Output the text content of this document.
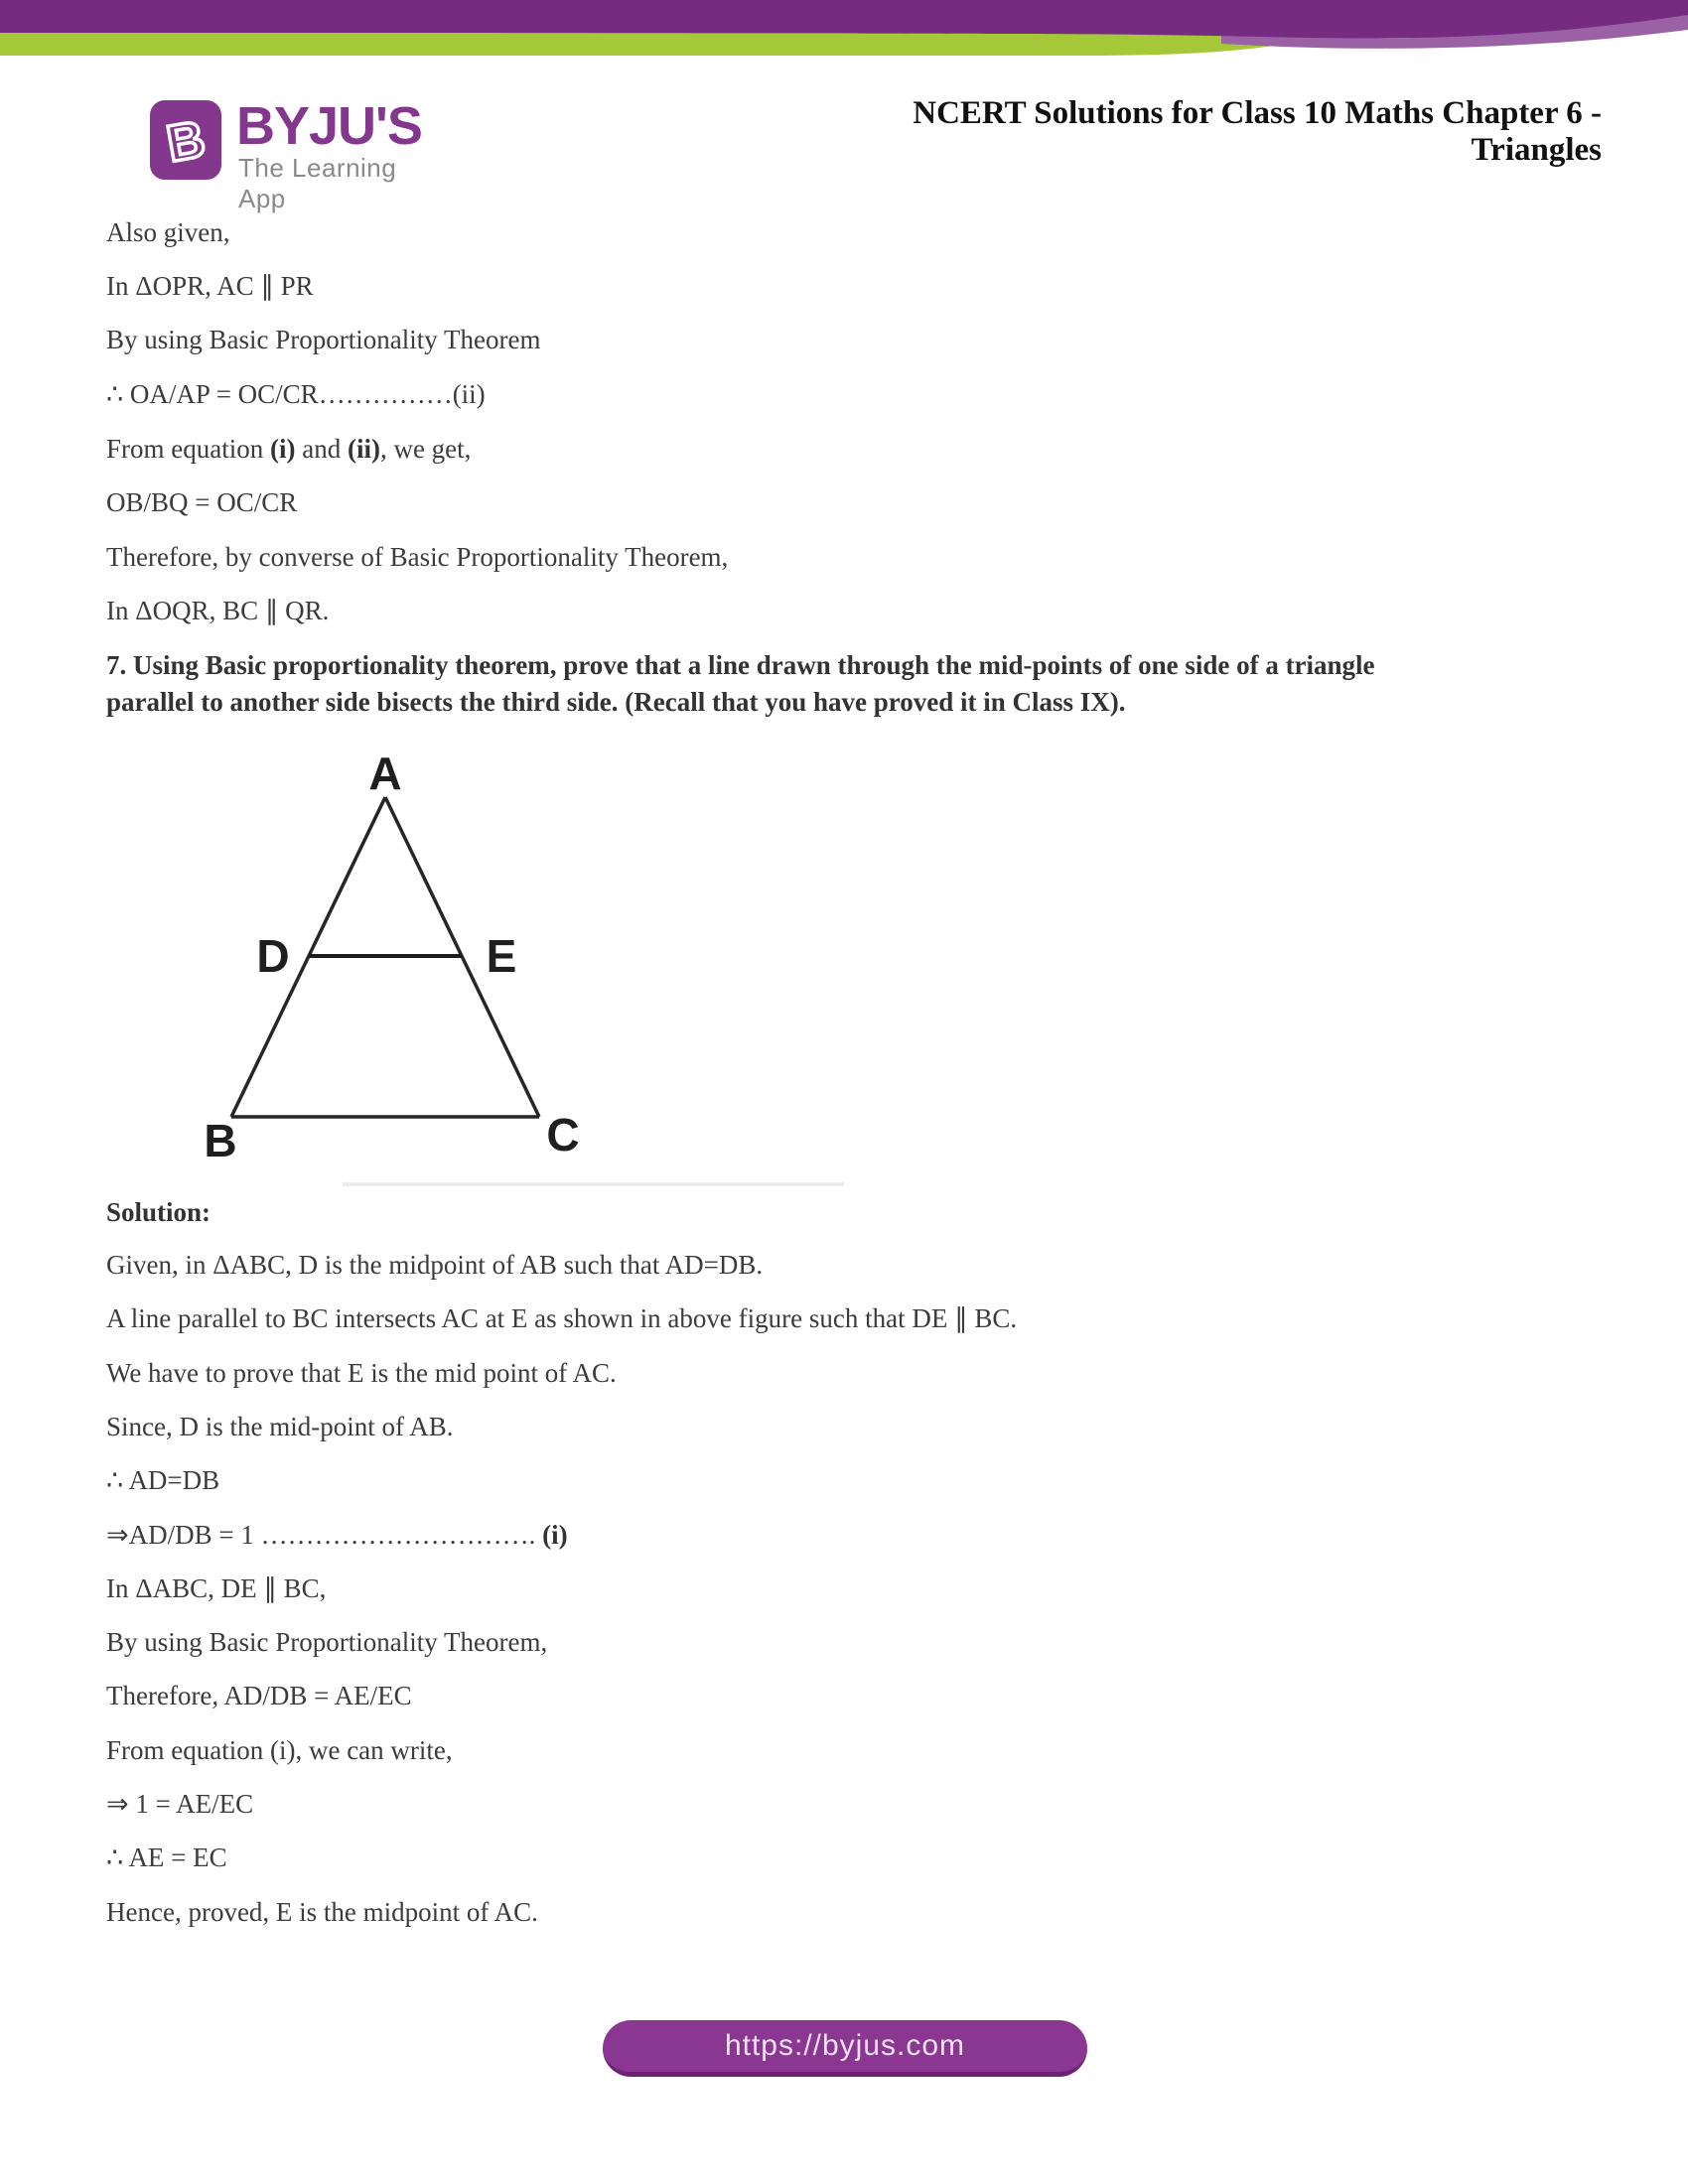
B BYJU'S
The Learning App
NCERT Solutions for Class 10 Maths Chapter 6 -
Triangles
Also given,
In ΔOPR, AC ∥ PR
By using Basic Proportionality Theorem
∴ OA/AP = OC/CR……………(ii)
From equation (i) and (ii), we get,
OB/BQ = OC/CR
Therefore, by converse of Basic Proportionality Theorem,
In ΔOQR, BC ∥ QR.
7. Using Basic proportionality theorem, prove that a line drawn through the mid-points of one side of a triangle
parallel to another side bisects the third side. (Recall that you have proved it in Class IX).
A
D	E
B	C
Solution:
Given, in ΔABC, D is the midpoint of AB such that AD=DB.
A line parallel to BC intersects AC at E as shown in above figure such that DE ∥ BC.
We have to prove that E is the mid point of AC.
Since, D is the mid-point of AB.
∴ AD=DB
⇒AD/DB = 1 …………………………. (i)
In ΔABC, DE ∥ BC,
By using Basic Proportionality Theorem,
Therefore, AD/DB = AE/EC
From equation (i), we can write,
⇒ 1 = AE/EC
∴ AE = EC
Hence, proved, E is the midpoint of AC.
https://byjus.com
